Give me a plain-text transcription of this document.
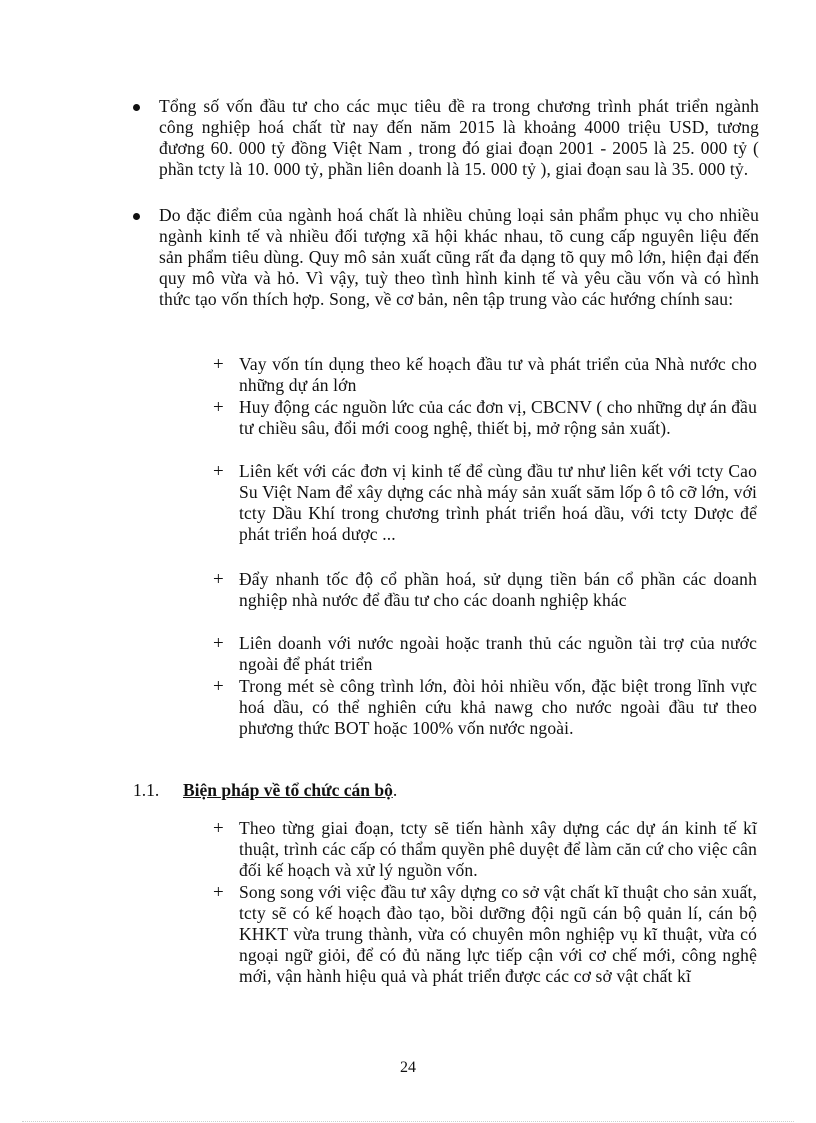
Tổng số vốn đầu tư cho các mục tiêu đề ra trong chương trình phát triển ngành công nghiệp hoá chất từ nay đến năm 2015 là khoảng 4000 triệu USD, tương đương 60. 000 tỷ đồng Việt Nam , trong đó giai đoạn 2001 - 2005 là 25. 000 tỷ ( phần tcty là 10. 000 tỷ, phần liên doanh là 15. 000 tỷ ), giai đoạn sau là 35. 000 tỷ.

Do đặc điểm của ngành hoá chất là nhiều chủng loại sản phẩm phục vụ cho nhiều ngành kinh tế và nhiều đối tượng xã hội khác nhau, tõ cung cấp nguyên liệu đến sản phẩm tiêu dùng. Quy mô sản xuất cũng rất đa dạng tõ quy mô lớn, hiện đại đến quy mô vừa và hỏ. Vì vậy, tuỳ theo tình hình kinh tế và yêu cầu vốn và có hình thức tạo vốn thích hợp. Song, về cơ bản, nên tập trung vào các hướng chính sau:

+ Vay vốn tín dụng theo kế hoạch đầu tư và phát triển của Nhà nước cho những dự án lớn

+ Huy động các nguồn lức của các đơn vị, CBCNV ( cho những dự án đầu tư chiều sâu, đổi mới coog nghệ, thiết bị, mở rộng sản xuất).

+ Liên kết với các đơn vị kinh tế để cùng đầu tư như liên kết với tcty Cao Su Việt Nam để xây dựng các nhà máy sản xuất săm lốp ô tô cỡ lớn, với tcty Dầu Khí trong chương trình phát triển hoá dầu, với tcty Dược để phát triển hoá dược ...

+ Đẩy nhanh tốc độ cổ phần hoá, sử dụng tiền bán cổ phần các doanh nghiệp nhà nước để đầu tư cho các doanh nghiệp khác

+ Liên doanh với nước ngoài hoặc tranh thủ các nguồn tài trợ của nước ngoài để phát triển

+ Trong mét sè công trình lớn, đòi hỏi nhiều vốn, đặc biệt trong lĩnh vực hoá dầu, có thể nghiên cứu khả nawg cho nước ngoài đầu tư theo phương thức BOT hoặc 100% vốn nước ngoài.

1.1. Biện pháp về tổ chức cán bộ.
+ Theo từng giai đoạn, tcty sẽ tiến hành xây dựng các dự án kinh tế kĩ thuật, trình các cấp có thẩm quyền phê duyệt để làm căn cứ cho việc cân đối kế hoạch và xử lý nguồn vốn.

+ Song song với việc đầu tư xây dựng co sở vật chất kĩ thuật cho sản xuất, tcty sẽ có kế hoạch đào tạo, bồi dưỡng đội ngũ cán bộ quản lí, cán bộ KHKT vừa trung thành, vừa có chuyên môn nghiệp vụ kĩ thuật, vừa có ngoại ngữ giỏi, để có đủ năng lực tiếp cận với cơ chế mới, công nghệ mới, vận hành hiệu quả và phát triển được các cơ sở vật chất kĩ

24
